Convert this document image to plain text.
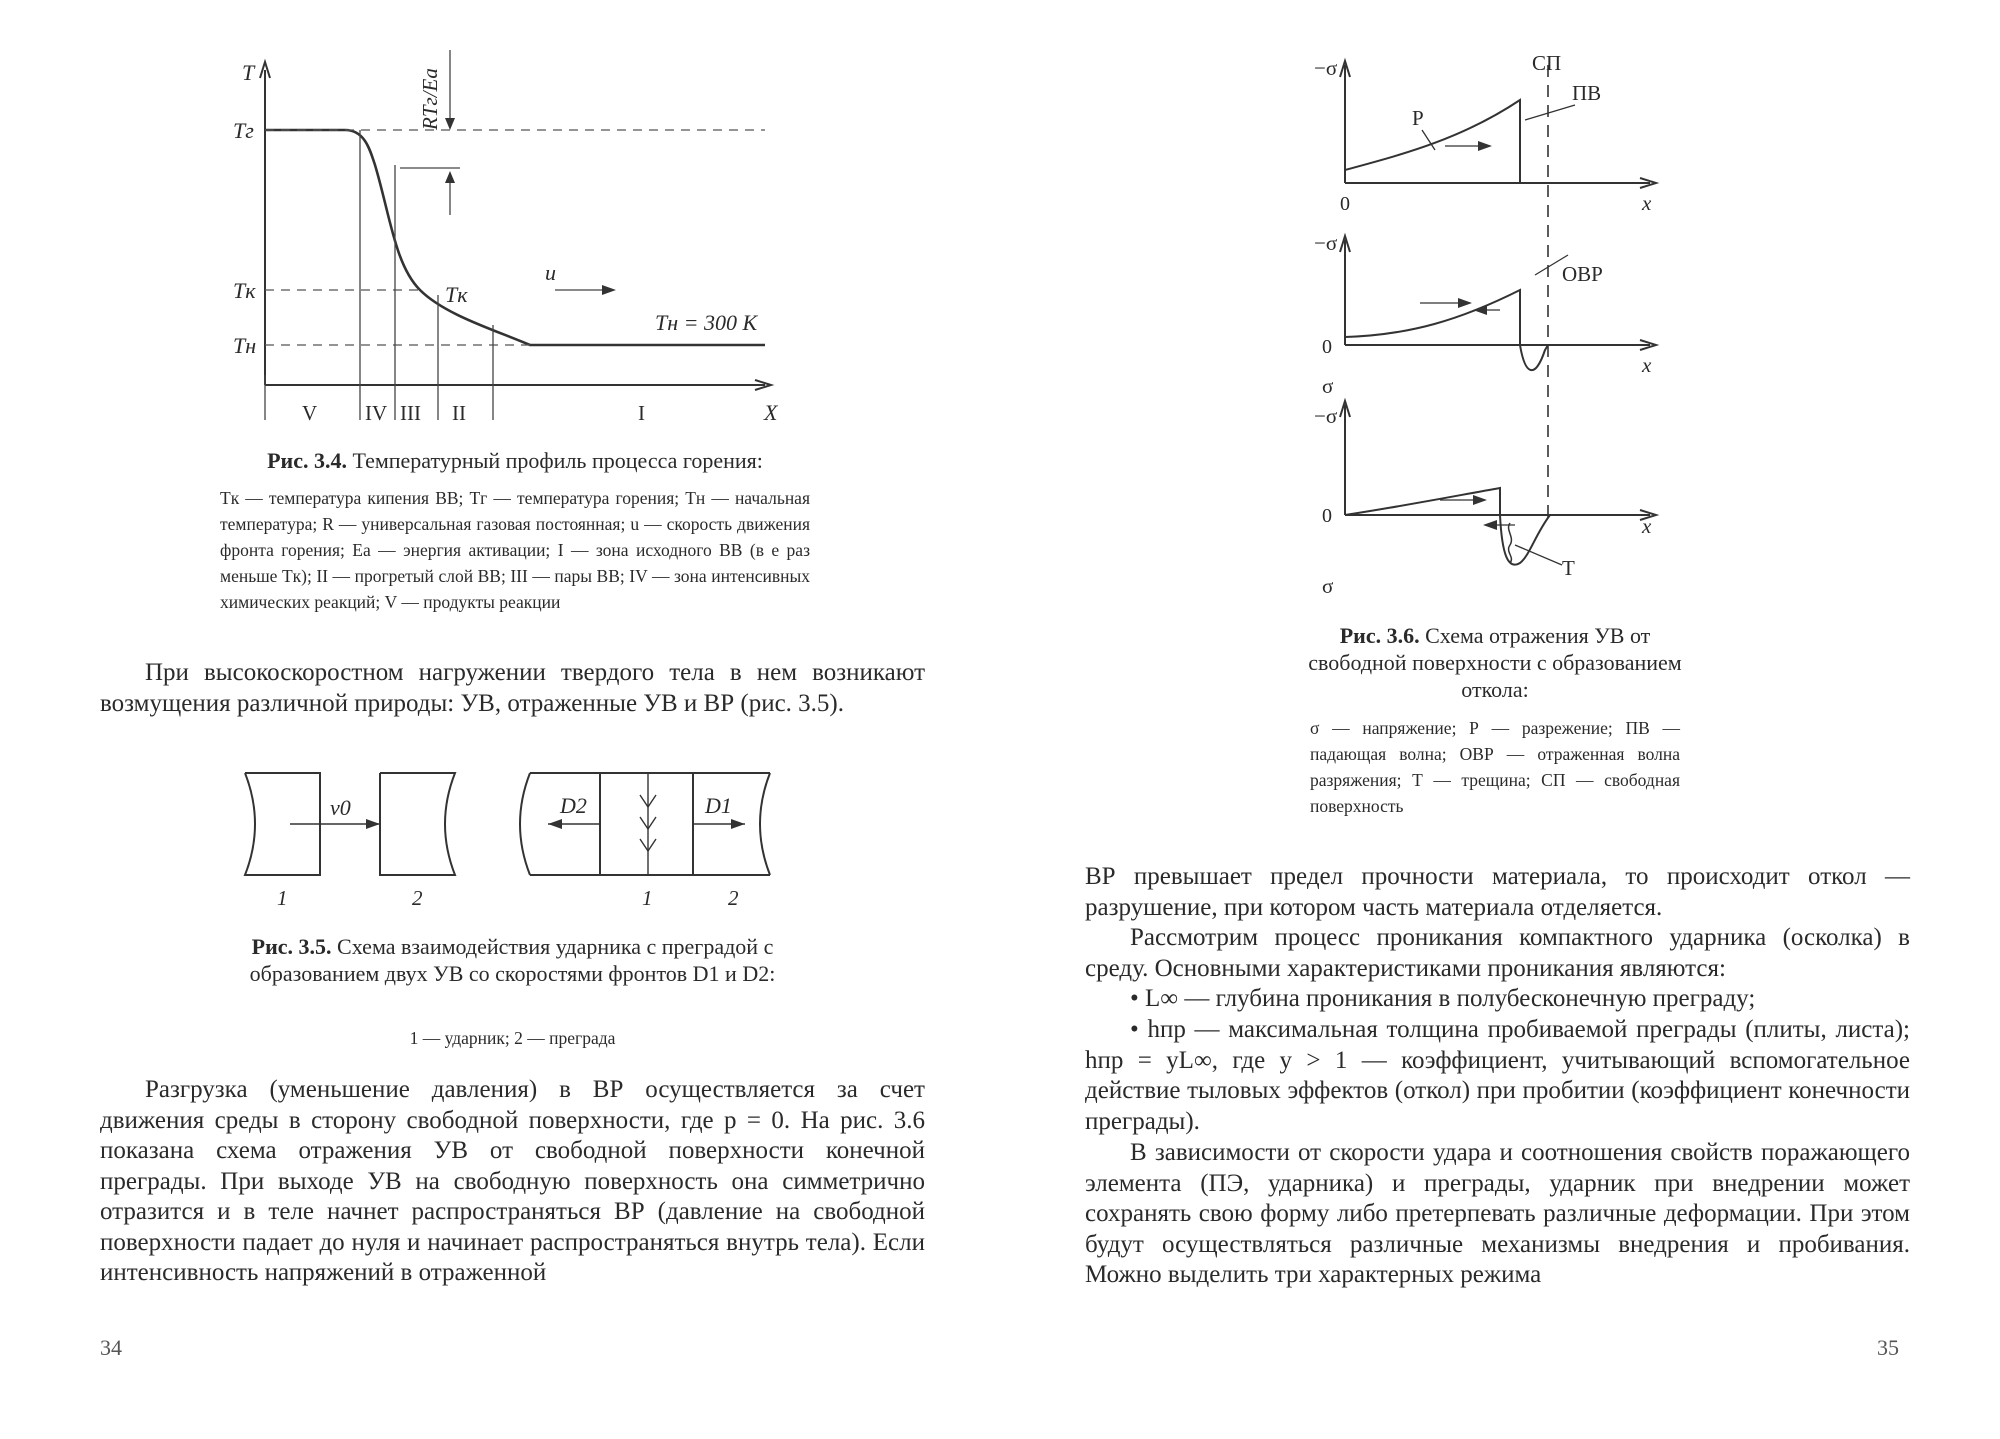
T
X
Tг
Tк
Tн
Tк
u
Tн = 300 K
RTг/Ea
V IV III II	I
Рис. 3.4. Температурный профиль процесса горения:
Tк — температура кипения ВВ; Tг — температура горения; Tн — начальная температура; R — универсальная газовая постоянная; u — скорость движения фронта горения; Ea — энергия активации; I — зона исходного ВВ (в e раз меньше Tк); II — прогретый слой ВВ; III — пары ВВ; IV — зона интенсивных химических реакций; V — продукты реакции

При высокоскоростном нагружении твердого тела в нем возникают возмущения различной природы: УВ, отраженные УВ и ВР (рис. 3.5).

v0	D2	D1
1	2	1	2
Рис. 3.5. Схема взаимодействия ударника с преградой с образованием двух УВ со скоростями фронтов D1 и D2:
1 — ударник; 2 — преграда

Разгрузка (уменьшение давления) в ВР осуществляется за счет движения среды в сторону свободной поверхности, где p = 0. На рис. 3.6 показана схема отражения УВ от свободной поверхности конечной преграды. При выходе УВ на свободную поверхность она симметрично отразится и в теле начнет распространяться ВР (давление на свободной поверхности падает до нуля и начинает распространяться внутрь тела). Если интенсивность напряжений в отраженной

34
−σ
0	x
СП
ПВ
Р
−σ
0
σ
x
ОВР
−σ
0
σ
x
Т
Рис. 3.6. Схема отражения УВ от свободной поверхности с образованием откола:
σ — напряжение; Р — разрежение; ПВ — падающая волна; ОВР — отраженная волна разряжения; Т — трещина; СП — свободная поверхность

ВР превышает предел прочности материала, то происходит откол — разрушение, при котором часть материала отделяется.

Рассмотрим процесс проникания компактного ударника (осколка) в среду. Основными характеристиками проникания являются:

• L∞ — глубина проникания в полубесконечную преграду;

• hпр — максимальная толщина пробиваемой преграды (плиты, листа); hпр = yL∞, где y > 1 — коэффициент, учитывающий вспомогательное действие тыловых эффектов (откол) при пробитии (коэффициент конечности преграды).

В зависимости от скорости удара и соотношения свойств поражающего элемента (ПЭ, ударника) и преграды, ударник при внедрении может сохранять свою форму либо претерпевать различные деформации. При этом будут осуществляться различные механизмы внедрения и пробивания. Можно выделить три характерных режима

35
